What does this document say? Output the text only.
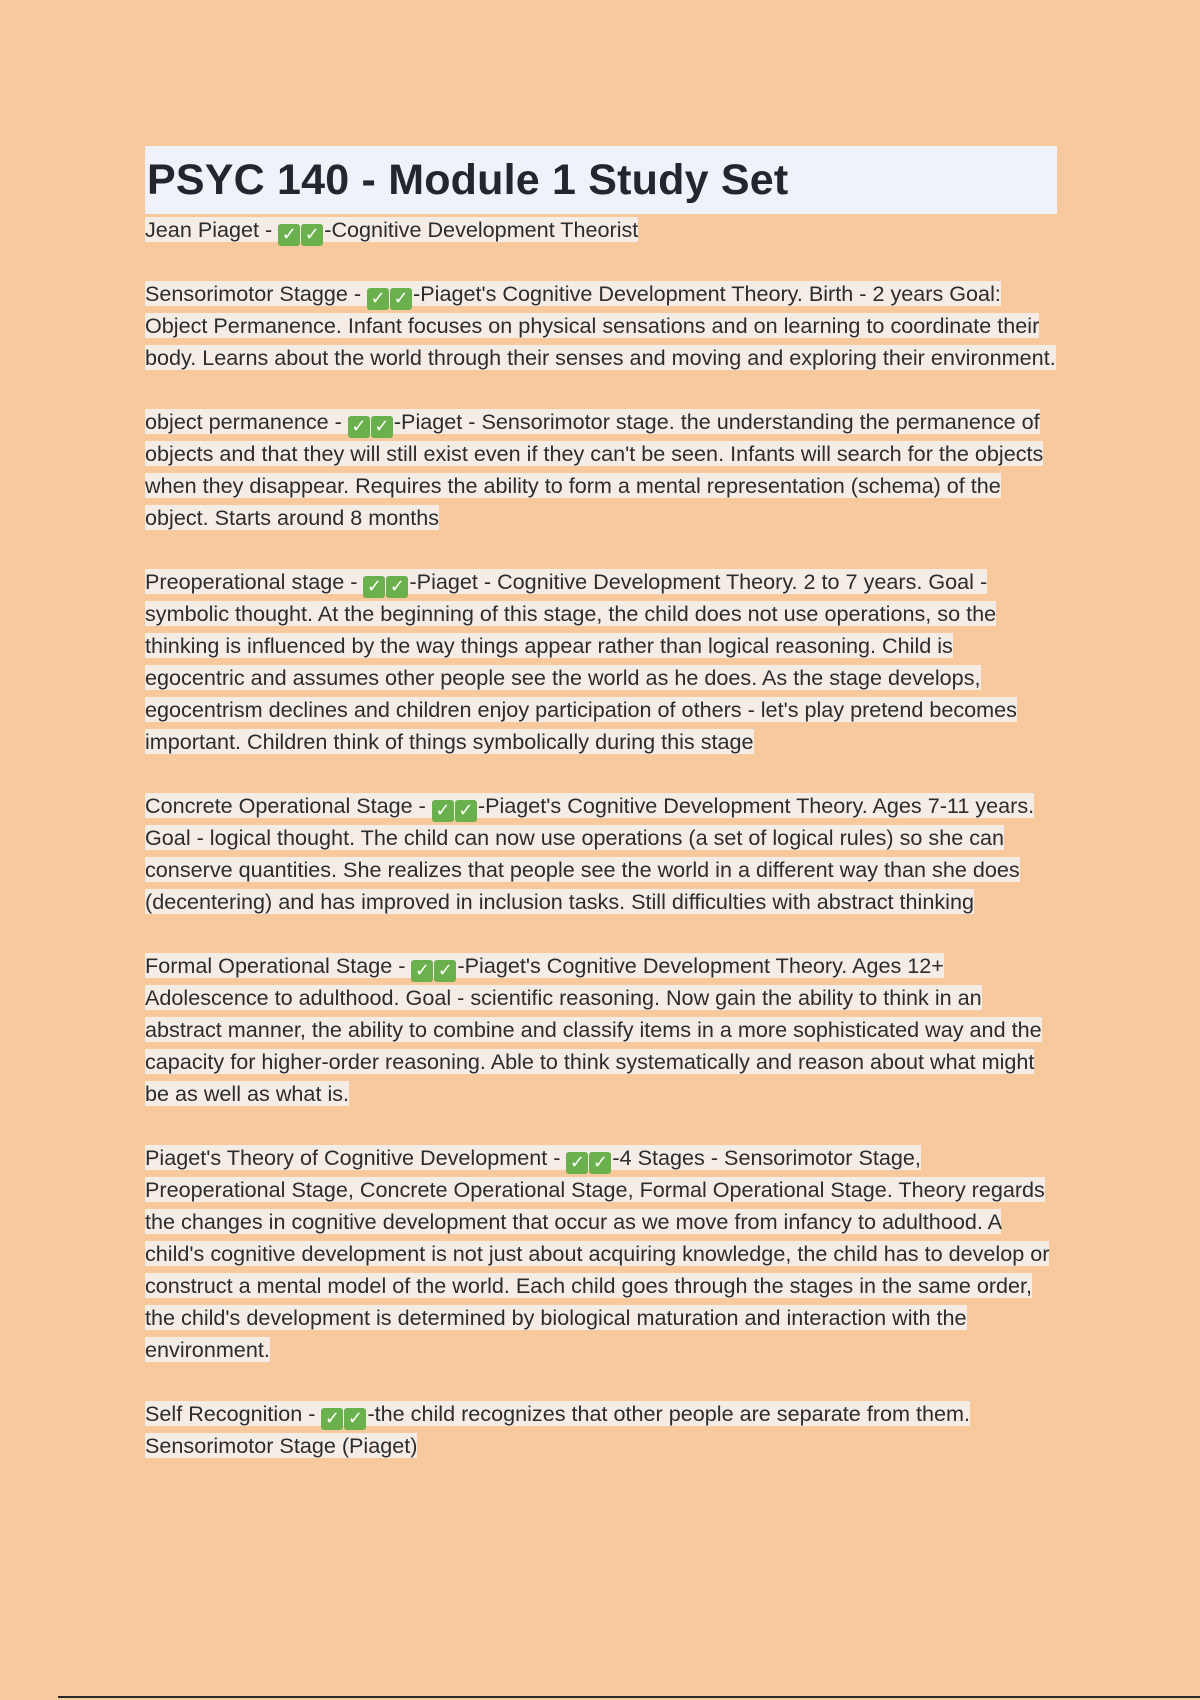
PSYC 140 - Module 1 Study Set

Jean Piaget - ✓ ✓ -Cognitive Development Theorist

Sensorimotor Stagge - ✓ ✓ -Piaget's Cognitive Development Theory. Birth - 2 years Goal: Object Permanence. Infant focuses on physical sensations and on learning to coordinate their body. Learns about the world through their senses and moving and exploring their environment.

object permanence - ✓ ✓ -Piaget - Sensorimotor stage. the understanding the permanence of objects and that they will still exist even if they can't be seen. Infants will search for the objects when they disappear. Requires the ability to form a mental representation (schema) of the object. Starts around 8 months

Preoperational stage - ✓ ✓ -Piaget - Cognitive Development Theory. 2 to 7 years. Goal - symbolic thought. At the beginning of this stage, the child does not use operations, so the thinking is influenced by the way things appear rather than logical reasoning. Child is egocentric and assumes other people see the world as he does. As the stage develops, egocentrism declines and children enjoy participation of others - let's play pretend becomes important. Children think of things symbolically during this stage

Concrete Operational Stage - ✓ ✓ -Piaget's Cognitive Development Theory. Ages 7-11 years. Goal - logical thought. The child can now use operations (a set of logical rules) so she can conserve quantities. She realizes that people see the world in a different way than she does (decentering) and has improved in inclusion tasks. Still difficulties with abstract thinking

Formal Operational Stage - ✓ ✓ -Piaget's Cognitive Development Theory. Ages 12+ Adolescence to adulthood. Goal - scientific reasoning. Now gain the ability to think in an abstract manner, the ability to combine and classify items in a more sophisticated way and the capacity for higher-order reasoning. Able to think systematically and reason about what might be as well as what is.

Piaget's Theory of Cognitive Development - ✓ ✓ -4 Stages - Sensorimotor Stage, Preoperational Stage, Concrete Operational Stage, Formal Operational Stage. Theory regards the changes in cognitive development that occur as we move from infancy to adulthood. A child's cognitive development is not just about acquiring knowledge, the child has to develop or construct a mental model of the world. Each child goes through the stages in the same order, the child's development is determined by biological maturation and interaction with the environment.

Self Recognition - ✓ ✓ -the child recognizes that other people are separate from them. Sensorimotor Stage (Piaget)
